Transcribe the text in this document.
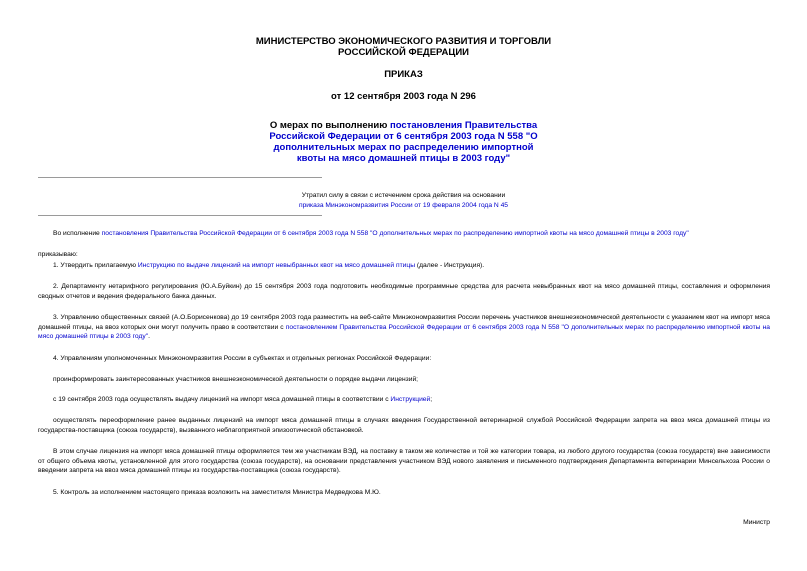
МИНИСТЕРСТВО ЭКОНОМИЧЕСКОГО РАЗВИТИЯ И ТОРГОВЛИ
РОССИЙСКОЙ ФЕДЕРАЦИИ
ПРИКАЗ
от 12 сентября 2003 года N 296
О мерах по выполнению постановления Правительства
Российской Федерации от 6 сентября 2003 года N 558 "О
дополнительных мерах по распределению импортной
квоты на мясо домашней птицы в 2003 году"
Утратил силу в связи с истечением срока действия на основании
приказа Минэкономразвития России от 19 февраля 2004 года N 45
Во исполнение постановления Правительства Российской Федерации от 6 сентября 2003 года N 558 "О дополнительных мерах по распределению импортной квоты на мясо домашней птицы в 2003 году"
приказываю:
1. Утвердить прилагаемую Инструкцию по выдаче лицензий на импорт невыбранных квот на мясо домашней птицы (далее - Инструкция).
2. Департаменту нетарифного регулирования (Ю.А.Буйкин) до 15 сентября 2003 года подготовить необходимые программные средства для расчета невыбранных квот на мясо домашней птицы, составления и оформления сводных отчетов и ведения федерального банка данных.
3. Управлению общественных связей (А.О.Борисенкова) до 19 сентября 2003 года разместить на веб-сайте Минэкономразвития России перечень участников внешнеэкономической деятельности с указанием квот на импорт мяса домашней птицы, на ввоз которых они могут получить право в соответствии с постановлением Правительства Российской Федерации от 6 сентября 2003 года N 558 "О дополнительных мерах по распределению импортной квоты на мясо домашней птицы в 2003 году".
4. Управлениям уполномоченных Минэкономразвития России в субъектах и отдельных регионах Российской Федерации:
проинформировать заинтересованных участников внешнеэкономической деятельности о порядке выдачи лицензий;
с 19 сентября 2003 года осуществлять выдачу лицензий на импорт мяса домашней птицы в соответствии с Инструкцией;
осуществлять переоформление ранее выданных лицензий на импорт мяса домашней птицы в случаях введения Государственной ветеринарной службой Российской Федерации запрета на ввоз мяса домашней птицы из государства-поставщика (союза государств), вызванного неблагоприятной эпизоотической обстановкой.
В этом случае лицензия на импорт мяса домашней птицы оформляется тем же участникам ВЭД, на поставку в таком же количестве и той же категории товара, из любого другого государства (союза государств) вне зависимости от общего объема квоты, установленной для этого государства (союза государств), на основании представления участником ВЭД нового заявления и письменного подтверждения Департамента ветеринарии Минсельхоза России о введении запрета на ввоз мяса домашней птицы из государства-поставщика (союза государств).
5. Контроль за исполнением настоящего приказа возложить на заместителя Министра Медведкова М.Ю.
Министр
